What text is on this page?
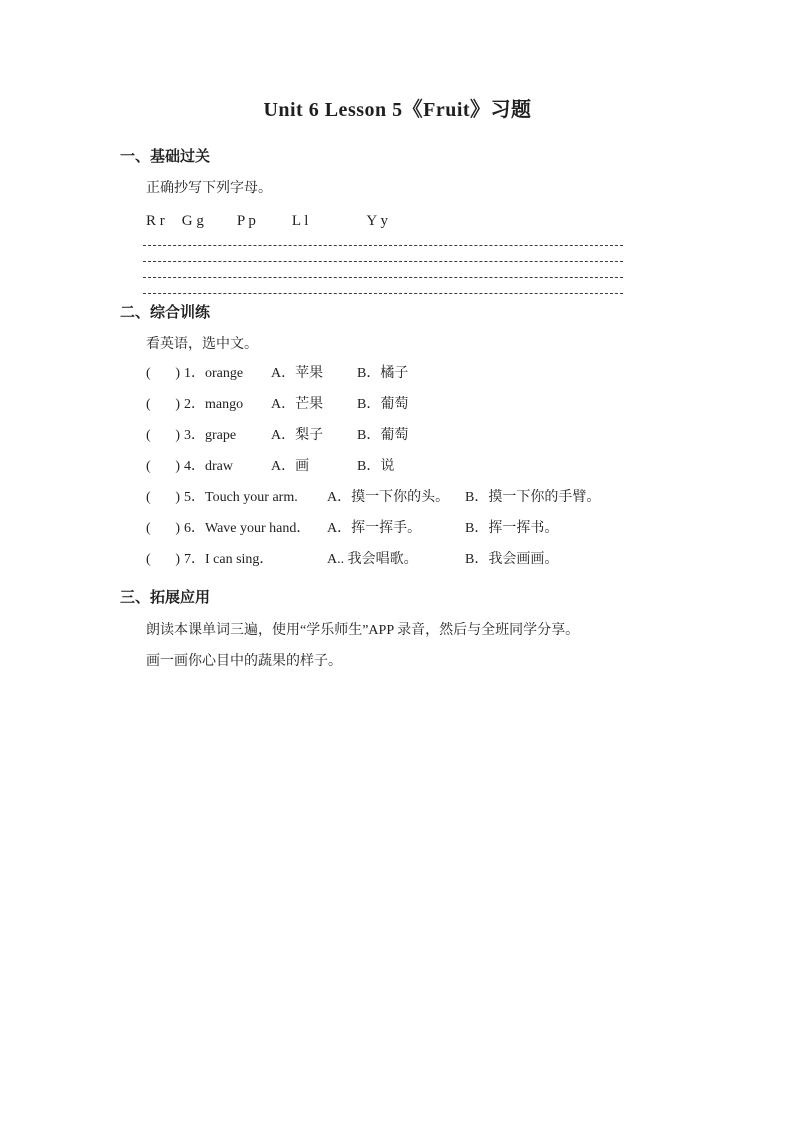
Unit 6 Lesson 5《Fruit》习题
一、基础过关

正确抄写下列字母。

R r G g P p L l	Y y
二、综合训练

看英语，选中文。

( ) 1．orange	A．苹果	B．橘子
( ) 2．mango	A．芒果	B．葡萄
( ) 3．grape	A．梨子	B．葡萄
( ) 4．draw	A．画	B．说
( ) 5．Touch your arm.	A．摸一下你的头。	B．摸一下你的手臂。
( ) 6．Wave your hand．	A．挥一挥手。	B．挥一挥书。
( ) 7．I can sing．	A.. 我会唱歌。	B．我会画画。
三、拓展应用

朗读本课单词三遍，使用“学乐师生”APP 录音，然后与全班同学分享。

画一画你心目中的蔬果的样子。
